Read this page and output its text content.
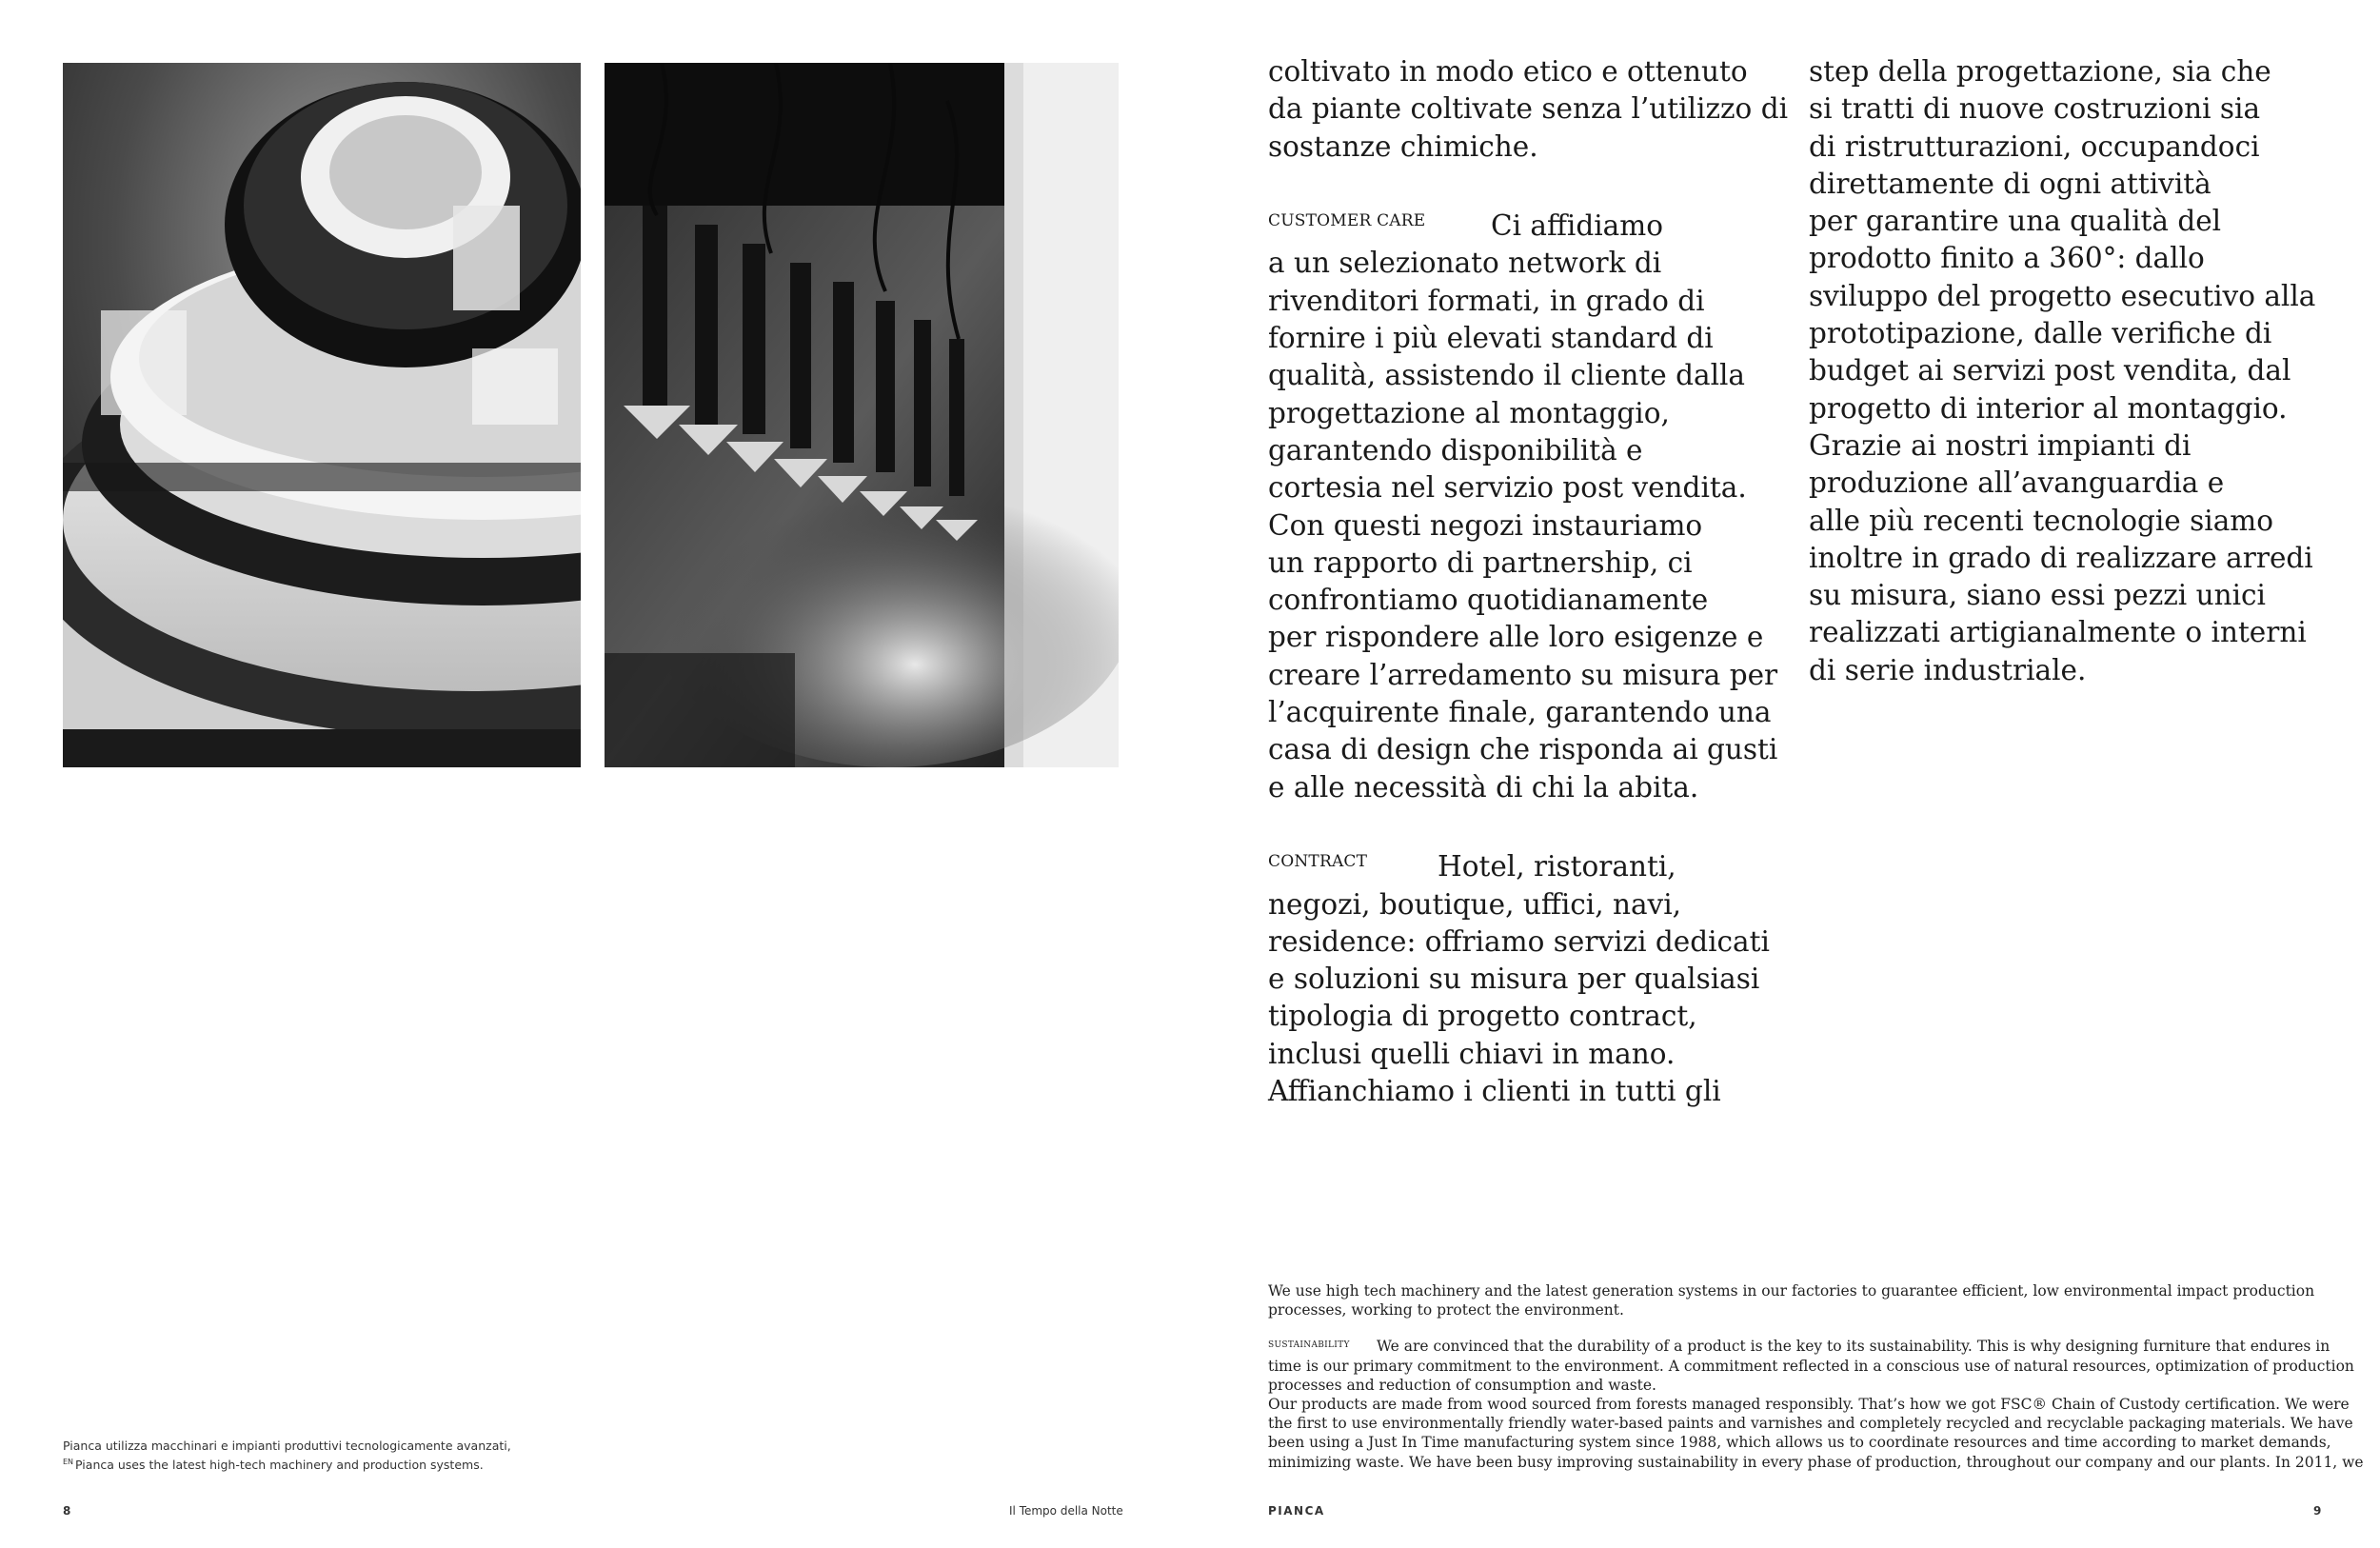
Pianca utilizza macchinari e impianti produttivi tecnologicamente avanzati,
$^{EN}$ Pianca uses the latest high-tech machinery and production systems.
8	Il Tempo della Notte	PIANCA	9

coltivato in modo etico e ottenuto

da piante coltivate senza l’utilizzo di

sostanze chimiche.

CUSTOMER CARE Ci affidiamo

a un selezionato network di

rivenditori formati, in grado di

fornire i più elevati standard di

qualità, assistendo il cliente dalla

progettazione al montaggio,

garantendo disponibilità e

cortesia nel servizio post vendita.

Con questi negozi instauriamo

un rapporto di partnership, ci

confrontiamo quotidianamente

per rispondere alle loro esigenze e

creare l’arredamento su misura per

l’acquirente finale, garantendo una

casa di design che risponda ai gusti

e alle necessità di chi la abita.

CONTRACT	Hotel, ristoranti,

negozi, boutique, uffici, navi,

residence: offriamo servizi dedicati

e soluzioni su misura per qualsiasi

tipologia di progetto contract,

inclusi quelli chiavi in mano.

Affianchiamo i clienti in tutti gli

step della progettazione, sia che

si tratti di nuove costruzioni sia

di ristrutturazioni, occupandoci

direttamente di ogni attività

per garantire una qualità del

prodotto finito a 360°: dallo

sviluppo del progetto esecutivo alla

prototipazione, dalle verifiche di

budget ai servizi post vendita, dal

progetto di interior al montaggio.

Grazie ai nostri impianti di

produzione all’avanguardia e

alle più recenti tecnologie siamo

inoltre in grado di realizzare arredi

su misura, siano essi pezzi unici

realizzati artigianalmente o interni

di serie industriale.

We use high tech machinery and the latest generation systems in our factories to guarantee efficient, low environmental impact production

processes, working to protect the environment.

SUSTAINABILITY We are convinced that the durability of a product is the key to its sustainability. This is why designing furniture that endures in

time is our primary commitment to the environment. A commitment reflected in a conscious use of natural resources, optimization of production

processes and reduction of consumption and waste.

Our products are made from wood sourced from forests managed responsibly. That’s how we got FSC® Chain of Custody certification. We were

the first to use environmentally friendly water-based paints and varnishes and completely recycled and recyclable packaging materials. We have

been using a Just In Time manufacturing system since 1988, which allows us to coordinate resources and time according to market demands,

minimizing waste. We have been busy improving sustainability in every phase of production, throughout our company and our plants. In 2011, we
